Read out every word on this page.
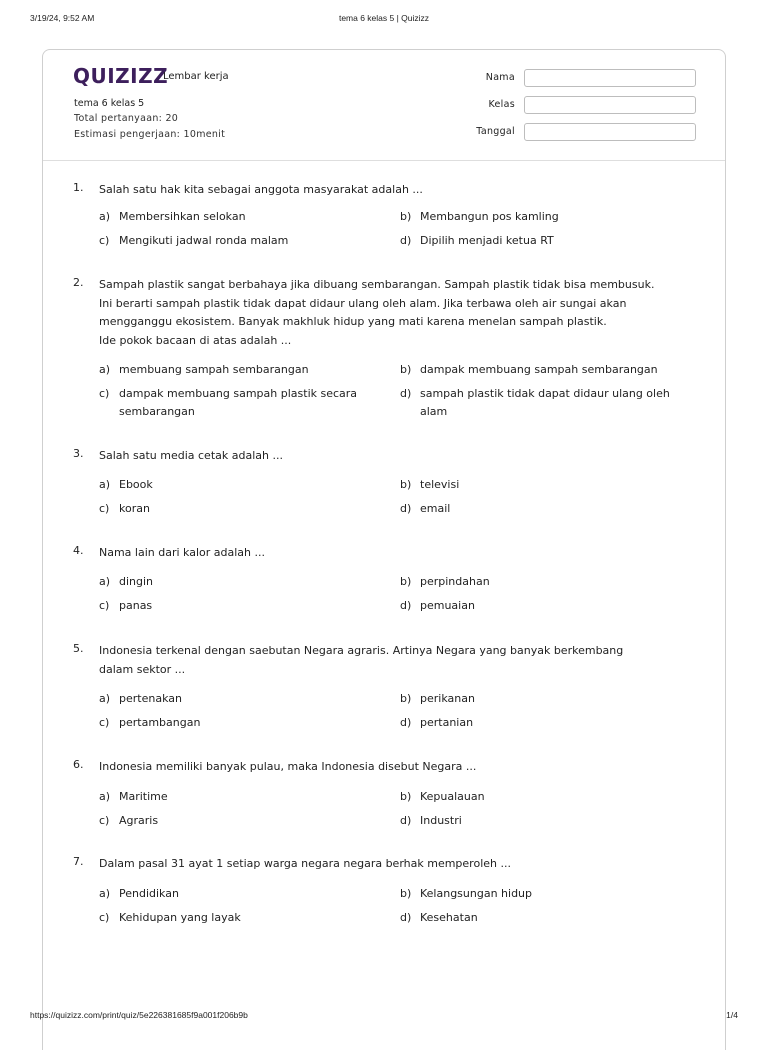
3/19/24, 9:52 AM	tema 6 kelas 5 | Quizizz
QUIZIZZ
Lembar kerja
tema 6 kelas 5
Total pertanyaan: 20
Estimasi pengerjaan: 10menit
Nama
Kelas
Tanggal
1.	Salah satu hak kita sebagai anggota masyarakat adalah ...
a) Membersihkan selokan	b) Membangun pos kamling
c) Mengikuti jadwal ronda malam	d) Dipilih menjadi ketua RT
2.	Sampah plastik sangat berbahaya jika dibuang sembarangan. Sampah plastik tidak bisa membusuk.
Ini berarti sampah plastik tidak dapat didaur ulang oleh alam. Jika terbawa oleh air sungai akan
mengganggu ekosistem. Banyak makhluk hidup yang mati karena menelan sampah plastik.
Ide pokok bacaan di atas adalah ...
a) membuang sampah sembarangan	b) dampak membuang sampah sembarangan
c) dampak membuang sampah plastik secara sembarangan
d) sampah plastik tidak dapat didaur ulang oleh alam
3.	Salah satu media cetak adalah ...
a) Ebook	b) televisi
c) koran	d) email
4.	Nama lain dari kalor adalah ...
a) dingin	b) perpindahan
c) panas	d) pemuaian
5.	Indonesia terkenal dengan saebutan Negara agraris. Artinya Negara yang banyak berkembang
dalam sektor ...
a) pertenakan	b) perikanan
c) pertambangan	d) pertanian
6.	Indonesia memiliki banyak pulau, maka Indonesia disebut Negara ...
a) Maritime	b) Kepualauan
c) Agraris	d) Industri
7.	Dalam pasal 31 ayat 1 setiap warga negara negara berhak memperoleh ...
a) Pendidikan	b) Kelangsungan hidup
c) Kehidupan yang layak	d) Kesehatan
https://quizizz.com/print/quiz/5e226381685f9a001f206b9b	1/4
